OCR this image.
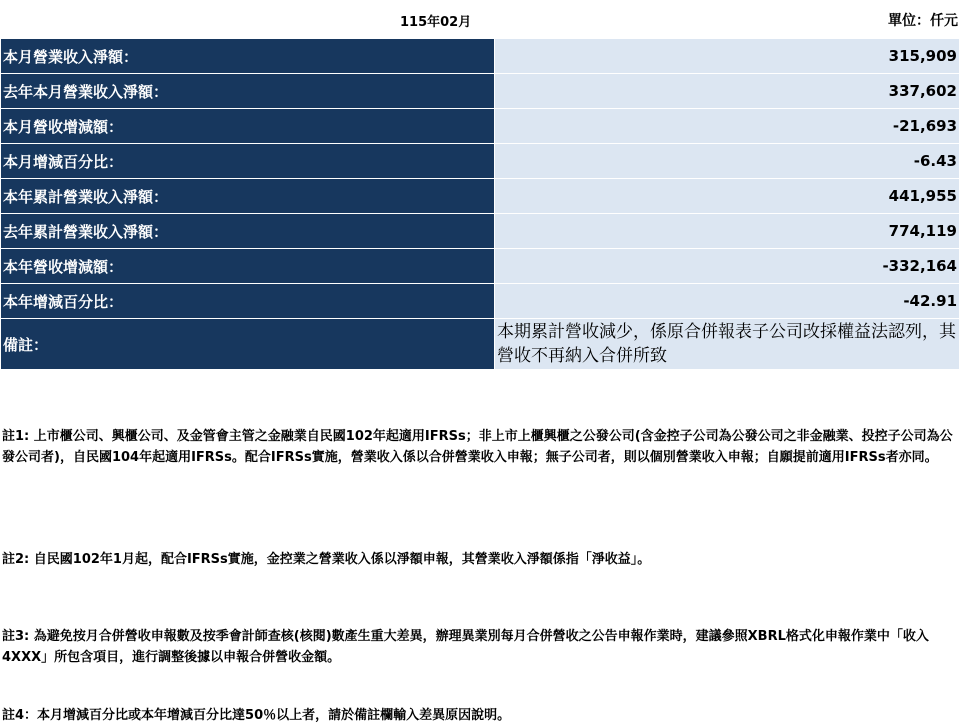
115年02月	單位：仟元
本月營業收入淨額：	315,909
去年本月營業收入淨額：	337,602
本月營收增減額：	-21,693
本月增減百分比：	-6.43
本年累計營業收入淨額：	441,955
去年累計營業收入淨額：	774,119
本年營收增減額：	-332,164
本年增減百分比：	-42.91
備註：	本期累計營收減少，係原合併報表子公司改採權益法認列，其營收不再納入合併所致
註1: 上市櫃公司、興櫃公司、及金管會主管之金融業自民國102年起適用IFRSs；非上市上櫃興櫃之公發公司(含金控子公司為公發公司之非金融業、投控子公司為公發公司者)，自民國104年起適用IFRSs。配合IFRSs實施，營業收入係以合併營業收入申報；無子公司者，則以個別營業收入申報；自願提前適用IFRSs者亦同。
註2: 自民國102年1月起，配合IFRSs實施，金控業之營業收入係以淨額申報，其營業收入淨額係指「淨收益」。
註3: 為避免按月合併營收申報數及按季會計師查核(核閱)數產生重大差異，辦理異業別每月合併營收之公告申報作業時，建議參照XBRL格式化申報作業中「收入4XXX」所包含項目，進行調整後據以申報合併營收金額。
註4：本月增減百分比或本年增減百分比達50％以上者，請於備註欄輸入差異原因說明。
